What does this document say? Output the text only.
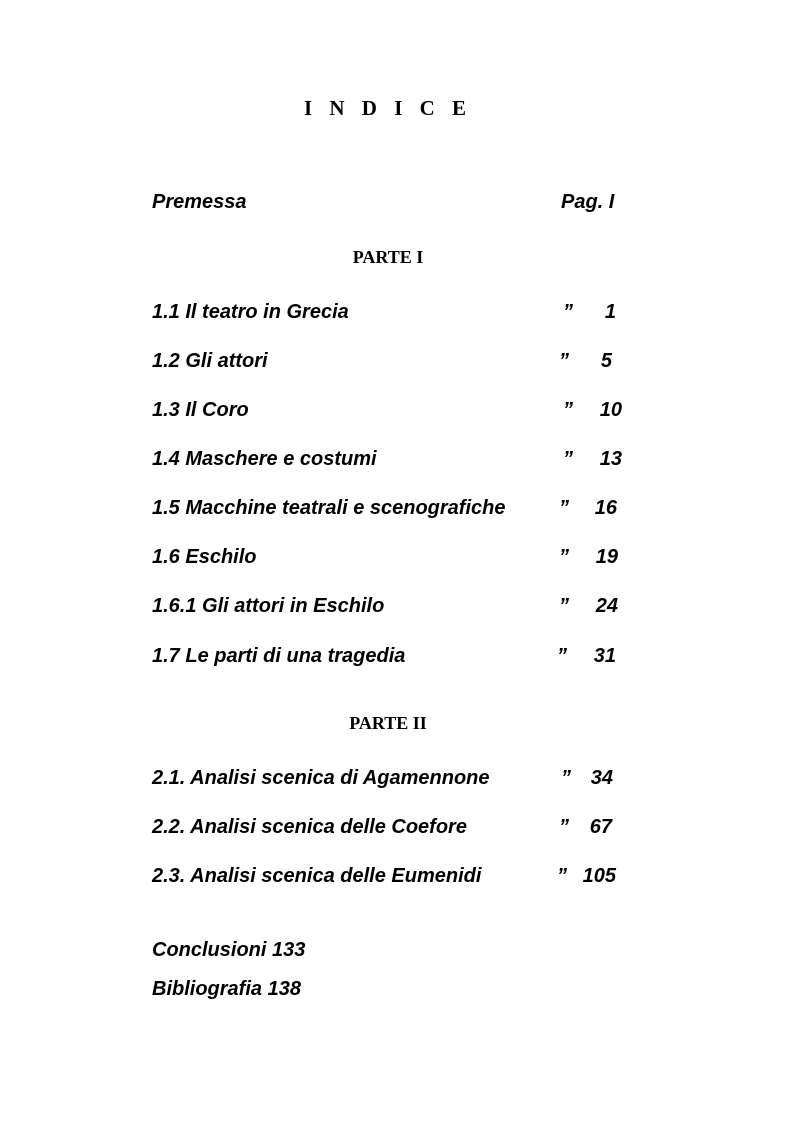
I N D I C E
Premessa	Pag. I
PARTE I
1.1 Il teatro in Grecia	”	1
1.2 Gli attori	”	5
1.3 Il Coro	”	10
1.4 Maschere e costumi	”	13
1.5 Macchine teatrali e scenografiche	”	16
1.6 Eschilo	”	19
1.6.1 Gli attori in Eschilo	”	24
1.7 Le parti di una tragedia	”	31
PARTE II
2.1. Analisi scenica di Agamennone	” 34
2.2. Analisi scenica delle Coefore	”	67
2.3. Analisi scenica delle Eumenidi	” 105
Conclusioni 133
Bibliografia 138
